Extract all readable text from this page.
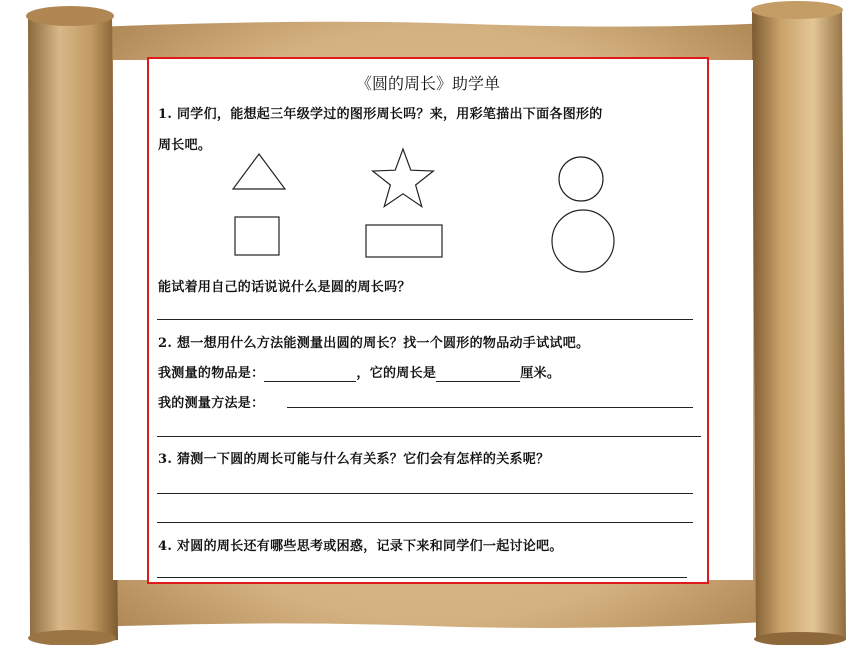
《圆的周长》助学单
1. 同学们，能想起三年级学过的图形周长吗？来，用彩笔描出下面各图形的
周长吧。
能试着用自己的话说说什么是圆的周长吗？
2. 想一想用什么方法能测量出圆的周长？找一个圆形的物品动手试试吧。
我测量的物品是：	，它的周长是	厘米。
我的测量方法是：
3. 猜测一下圆的周长可能与什么有关系？它们会有怎样的关系呢？
4. 对圆的周长还有哪些思考或困惑，记录下来和同学们一起讨论吧。
